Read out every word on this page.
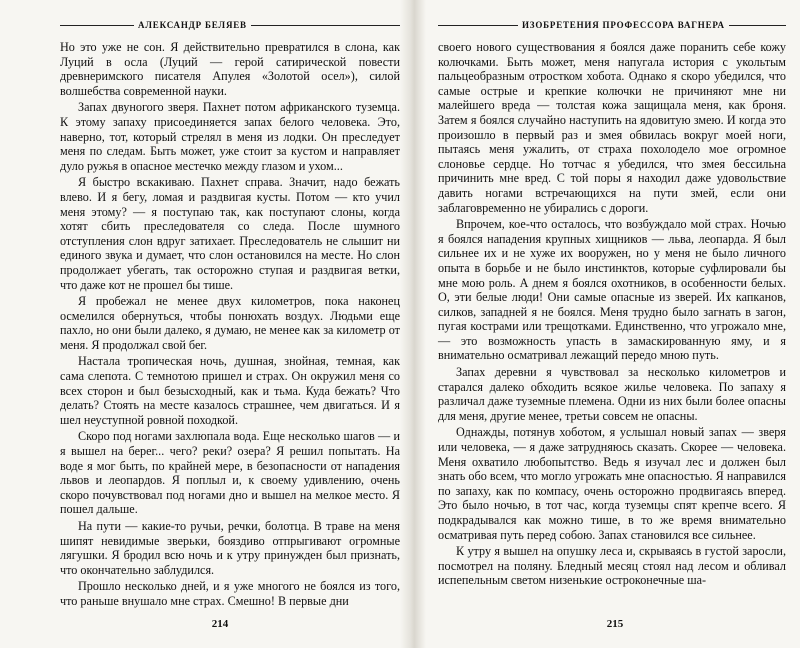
АЛЕКСАНДР БЕЛЯЕВ

Но это уже не сон. Я действительно превратился в слона, как Луций в осла (Луций — герой сатирической повести древнеримского писателя Апулея «Золотой осел»), силой волшебства современной науки.

Запах двуногого зверя. Пахнет потом африканского туземца. К этому запаху присоединяется запах белого человека. Это, наверно, тот, который стрелял в меня из лодки. Он преследует меня по следам. Быть может, уже стоит за кустом и направляет дуло ружья в опасное местечко между глазом и ухом...

Я быстро вскакиваю. Пахнет справа. Значит, надо бежать влево. И я бегу, ломая и раздвигая кусты. Потом — кто учил меня этому? — я поступаю так, как поступают слоны, когда хотят сбить преследователя со следа. После шумного отступления слон вдруг затихает. Преследователь не слышит ни единого звука и думает, что слон остановился на месте. Но слон продолжает убегать, так осторожно ступая и раздвигая ветки, что даже кот не прошел бы тише.

Я пробежал не менее двух километров, пока наконец осмелился обернуться, чтобы понюхать воздух. Людьми еще пахло, но они были далеко, я думаю, не менее как за километр от меня. Я продолжал свой бег.

Настала тропическая ночь, душная, знойная, темная, как сама слепота. С темнотою пришел и страх. Он окружил меня со всех сторон и был безысходный, как и тьма. Куда бежать? Что делать? Стоять на месте казалось страшнее, чем двигаться. И я шел неуступной ровной походкой.

Скоро под ногами захлюпала вода. Еще несколько шагов — и я вышел на берег... чего? реки? озера? Я решил попытать. На воде я мог быть, по крайней мере, в безопасности от нападения львов и леопардов. Я поплыл и, к своему удивлению, очень скоро почувствовал под ногами дно и вышел на мелкое место. Я пошел дальше.

На пути — какие-то ручьи, речки, болотца. В траве на меня шипят невидимые зверьки, бояздиво отпрыгивают огромные лягушки. Я бродил всю ночь и к утру принужден был признать, что окончательно заблудился.

Прошло несколько дней, и я уже многого не боялся из того, что раньше внушало мне страх. Смешно! В первые дни

214
ИЗОБРЕТЕНИЯ ПРОФЕССОРА ВАГНЕРА

своего нового существования я боялся даже поранить себе кожу колючками. Быть может, меня напугала история с укольтым пальцеобразным отростком хобота. Однако я скоро убедился, что самые острые и крепкие колючки не причиняют мне ни малейшего вреда — толстая кожа защищала меня, как броня. Затем я боялся случайно наступить на ядовитую змею. И когда это произошло в первый раз и змея обвилась вокруг моей ноги, пытаясь меня ужалить, от страха похолодело мое огромное слоновье сердце. Но тотчас я убедился, что змея бессильна причинить мне вред. С той поры я находил даже удовольствие давить ногами встречающихся на пути змей, если они заблаговременно не убирались с дороги.

Впрочем, кое-что осталось, что возбуждало мой страх. Ночью я боялся нападения крупных хищников — льва, леопарда. Я был сильнее их и не хуже их вооружен, но у меня не было личного опыта в борьбе и не было инстинктов, которые суфлировали бы мне мою роль. А днем я боялся охотников, в особенности белых. О, эти белые люди! Они самые опасные из зверей. Их капканов, силков, западней я не боялся. Меня трудно было загнать в загон, пугая кострами или трещотками. Единственно, что угрожало мне, — это возможность упасть в замаскированную яму, и я внимательно осматривал лежащий передо мною путь.

Запах деревни я чувствовал за несколько километров и старался далеко обходить всякое жилье человека. По запаху я различал даже туземные племена. Одни из них были более опасны для меня, другие менее, третьи совсем не опасны.

Однажды, потянув хоботом, я услышал новый запах — зверя или человека, — я даже затрудняюсь сказать. Скорее — человека. Меня охватило любопытство. Ведь я изучал лес и должен был знать обо всем, что могло угрожать мне опасностью. Я направился по запаху, как по компасу, очень осторожно продвигаясь вперед. Это было ночью, в тот час, когда туземцы спят крепче всего. Я подкрадывался как можно тише, в то же время внимательно осматривая путь перед собою. Запах становился все сильнее.

К утру я вышел на опушку леса и, скрываясь в густой заросли, посмотрел на поляну. Бледный месяц стоял над лесом и обливал испепельным светом низенькие остроконечные ша-

215
